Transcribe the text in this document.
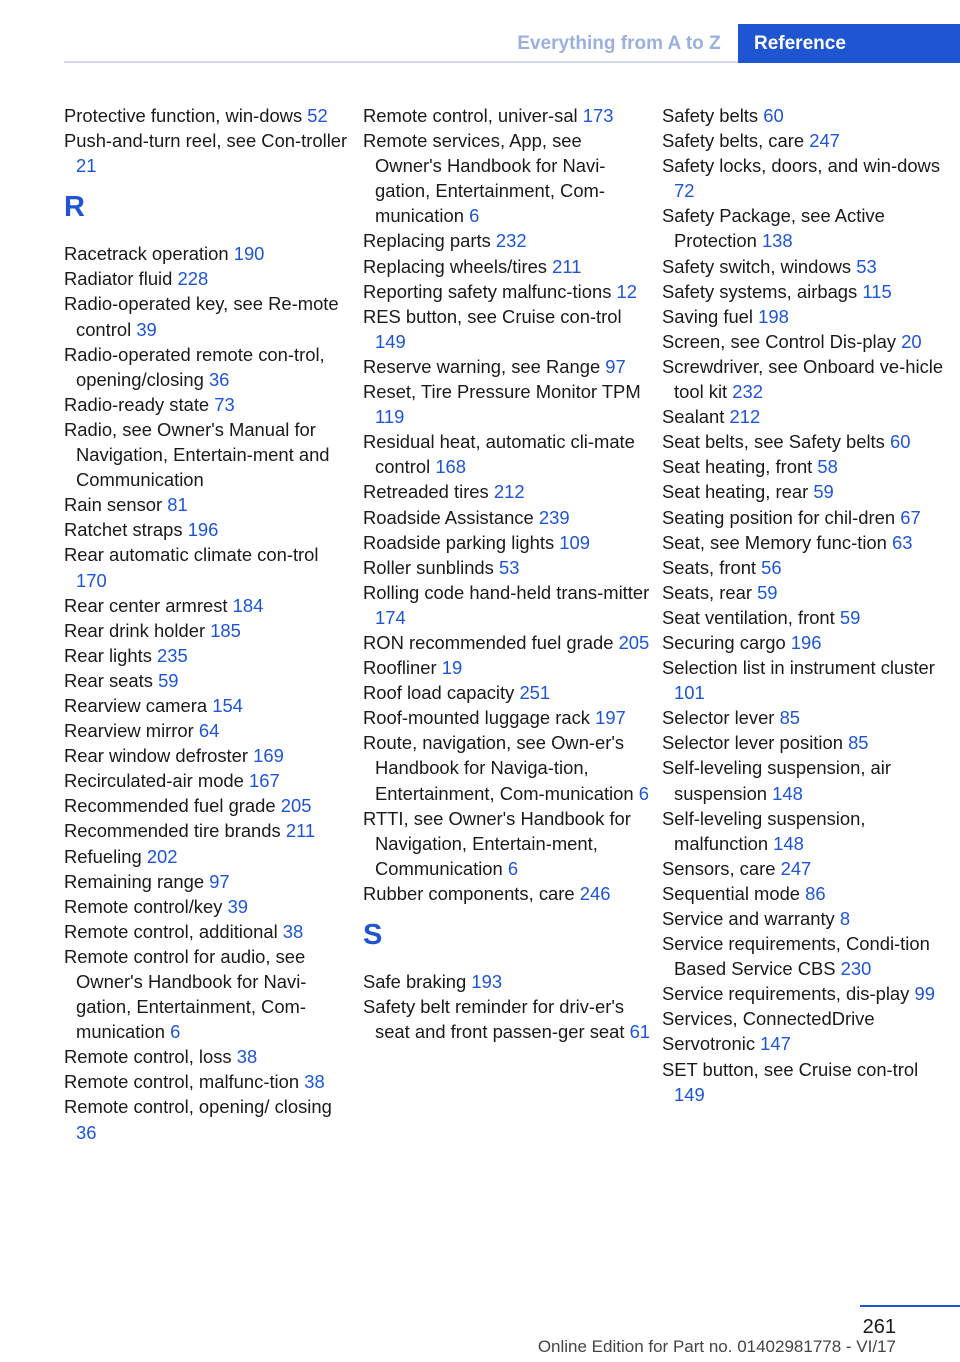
Everything from A to Z	Reference
Protective function, win-dows 52
Push-and-turn reel, see Con-troller 21
R
Racetrack operation 190
Radiator fluid 228
Radio-operated key, see Re-mote control 39
Radio-operated remote con-trol, opening/closing 36
Radio-ready state 73
Radio, see Owner's Manual for Navigation, Entertain-ment and Communication
Rain sensor 81
Ratchet straps 196
Rear automatic climate con-trol 170
Rear center armrest 184
Rear drink holder 185
Rear lights 235
Rear seats 59
Rearview camera 154
Rearview mirror 64
Rear window defroster 169
Recirculated-air mode 167
Recommended fuel grade 205
Recommended tire brands 211
Refueling 202
Remaining range 97
Remote control/key 39
Remote control, additional 38
Remote control for audio, see Owner's Handbook for Navi-gation, Entertainment, Com-munication 6
Remote control, loss 38
Remote control, malfunc-tion 38
Remote control, opening/ closing 36
Remote control, univer-sal 173
Remote services, App, see Owner's Handbook for Navi-gation, Entertainment, Com-munication 6
Replacing parts 232
Replacing wheels/tires 211
Reporting safety malfunc-tions 12
RES button, see Cruise con-trol 149
Reserve warning, see Range 97
Reset, Tire Pressure Monitor TPM 119
Residual heat, automatic cli-mate control 168
Retreaded tires 212
Roadside Assistance 239
Roadside parking lights 109
Roller sunblinds 53
Rolling code hand-held trans-mitter 174
RON recommended fuel grade 205
Roofliner 19
Roof load capacity 251
Roof-mounted luggage rack 197
Route, navigation, see Own-er's Handbook for Naviga-tion, Entertainment, Com-munication 6
RTTI, see Owner's Handbook for Navigation, Entertain-ment, Communication 6
Rubber components, care 246
S
Safe braking 193
Safety belt reminder for driv-er's seat and front passen-ger seat 61
Safety belts 60
Safety belts, care 247
Safety locks, doors, and win-dows 72
Safety Package, see Active Protection 138
Safety switch, windows 53
Safety systems, airbags 115
Saving fuel 198
Screen, see Control Dis-play 20
Screwdriver, see Onboard ve-hicle tool kit 232
Sealant 212
Seat belts, see Safety belts 60
Seat heating, front 58
Seat heating, rear 59
Seating position for chil-dren 67
Seat, see Memory func-tion 63
Seats, front 56
Seats, rear 59
Seat ventilation, front 59
Securing cargo 196
Selection list in instrument cluster 101
Selector lever 85
Selector lever position 85
Self-leveling suspension, air suspension 148
Self-leveling suspension, malfunction 148
Sensors, care 247
Sequential mode 86
Service and warranty 8
Service requirements, Condi-tion Based Service CBS 230
Service requirements, dis-play 99
Services, ConnectedDrive
Servotronic 147
SET button, see Cruise con-trol 149
261
Online Edition for Part no. 01402981778 - VI/17
